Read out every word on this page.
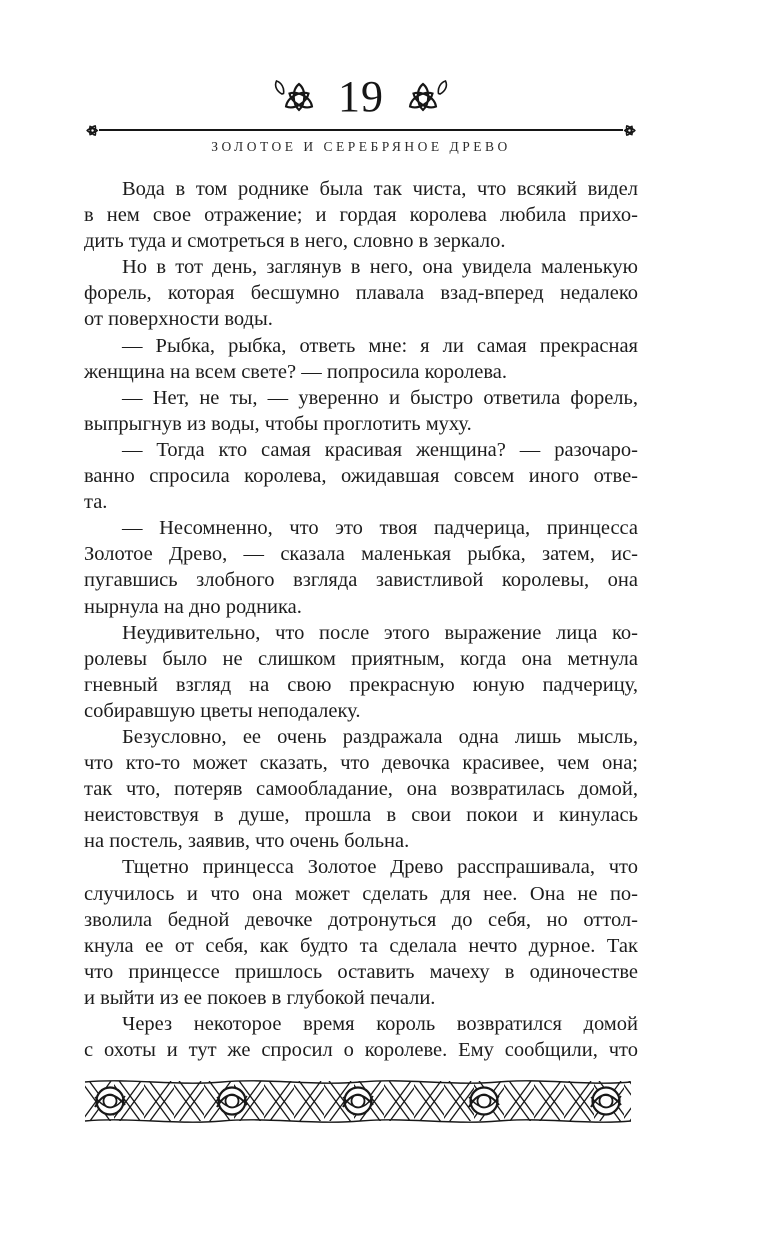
19
ЗОЛОТОЕ И СЕРЕБРЯНОЕ ДРЕВО
Вода в том роднике была так чиста, что всякий видел
в нем свое отражение; и гордая королева любила прихо-
дить туда и смотреться в него, словно в зеркало.
Но в тот день, заглянув в него, она увидела маленькую
форель, которая бесшумно плавала взад-вперед недалеко
от поверхности воды.
— Рыбка, рыбка, ответь мне: я ли самая прекрасная
женщина на всем свете? — попросила королева.
— Нет, не ты, — уверенно и быстро ответила форель,
выпрыгнув из воды, чтобы проглотить муху.
— Тогда кто самая красивая женщина? — разочаро-
ванно спросила королева, ожидавшая совсем иного отве-
та.
— Несомненно, что это твоя падчерица, принцесса
Золотое Древо, — сказала маленькая рыбка, затем, ис-
пугавшись злобного взгляда завистливой королевы, она
нырнула на дно родника.
Неудивительно, что после этого выражение лица ко-
ролевы было не слишком приятным, когда она метнула
гневный взгляд на свою прекрасную юную падчерицу,
собиравшую цветы неподалеку.
Безусловно, ее очень раздражала одна лишь мысль,
что кто-то может сказать, что девочка красивее, чем она;
так что, потеряв самообладание, она возвратилась домой,
неистовствуя в душе, прошла в свои покои и кинулась
на постель, заявив, что очень больна.
Тщетно принцесса Золотое Древо расспрашивала, что
случилось и что она может сделать для нее. Она не по-
зволила бедной девочке дотронуться до себя, но оттол-
кнула ее от себя, как будто та сделала нечто дурное. Так
что принцессе пришлось оставить мачеху в одиночестве
и выйти из ее покоев в глубокой печали.
Через некоторое время король возвратился домой
с охоты и тут же спросил о королеве. Ему сообщили, что
